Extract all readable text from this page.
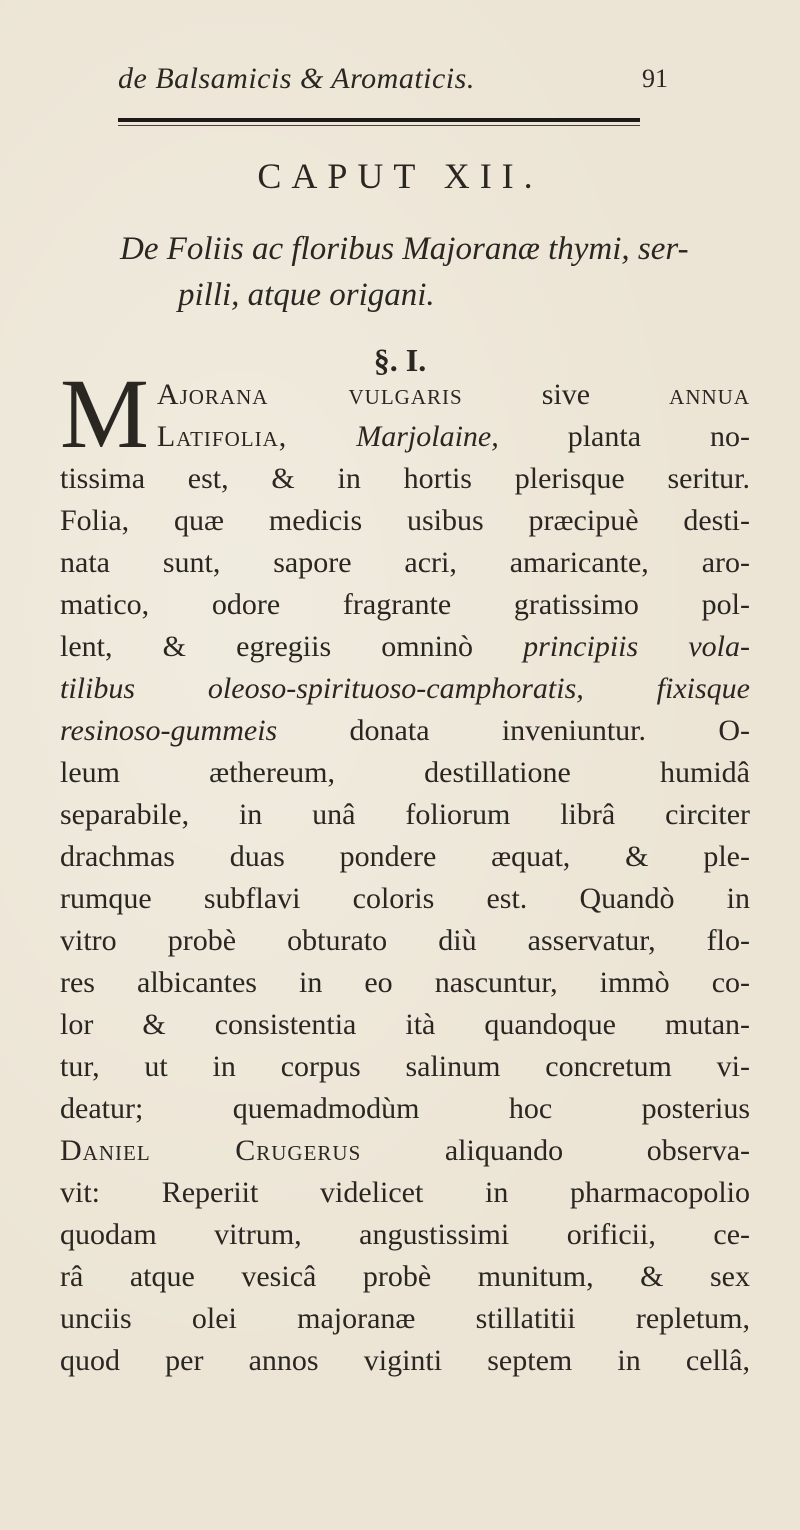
de Balsamicis & Aromaticis.	91
CAPUT XII.
De Foliis ac floribus Majoranæ thymi, ser-
pilli, atque origani.
§. I.
M Ajorana vulgaris sive annua
Latifolia, Marjolaine, planta no-
tissima est, & in hortis plerisque seritur.
Folia, quæ medicis usibus præcipuè desti-
nata sunt, sapore acri, amaricante, aro-
matico, odore fragrante gratissimo pol-
lent, & egregiis omninò principiis vola-
tilibus oleoso-spirituoso-camphoratis, fixisque
resinoso-gummeis donata inveniuntur. O-
leum æthereum, destillatione humidâ
separabile, in unâ foliorum librâ circiter
drachmas duas pondere æquat, & ple-
rumque subflavi coloris est. Quandò in
vitro probè obturato diù asservatur, flo-
res albicantes in eo nascuntur, immò co-
lor & consistentia ità quandoque mutan-
tur, ut in corpus salinum concretum vi-
deatur; quemadmodùm hoc posterius
Daniel Crugerus aliquando observa-
vit: Reperiit videlicet in pharmacopolio
quodam vitrum, angustissimi orificii, ce-
râ atque vesicâ probè munitum, & sex
unciis olei majoranæ stillatitii repletum,
quod per annos viginti septem in cellâ,
